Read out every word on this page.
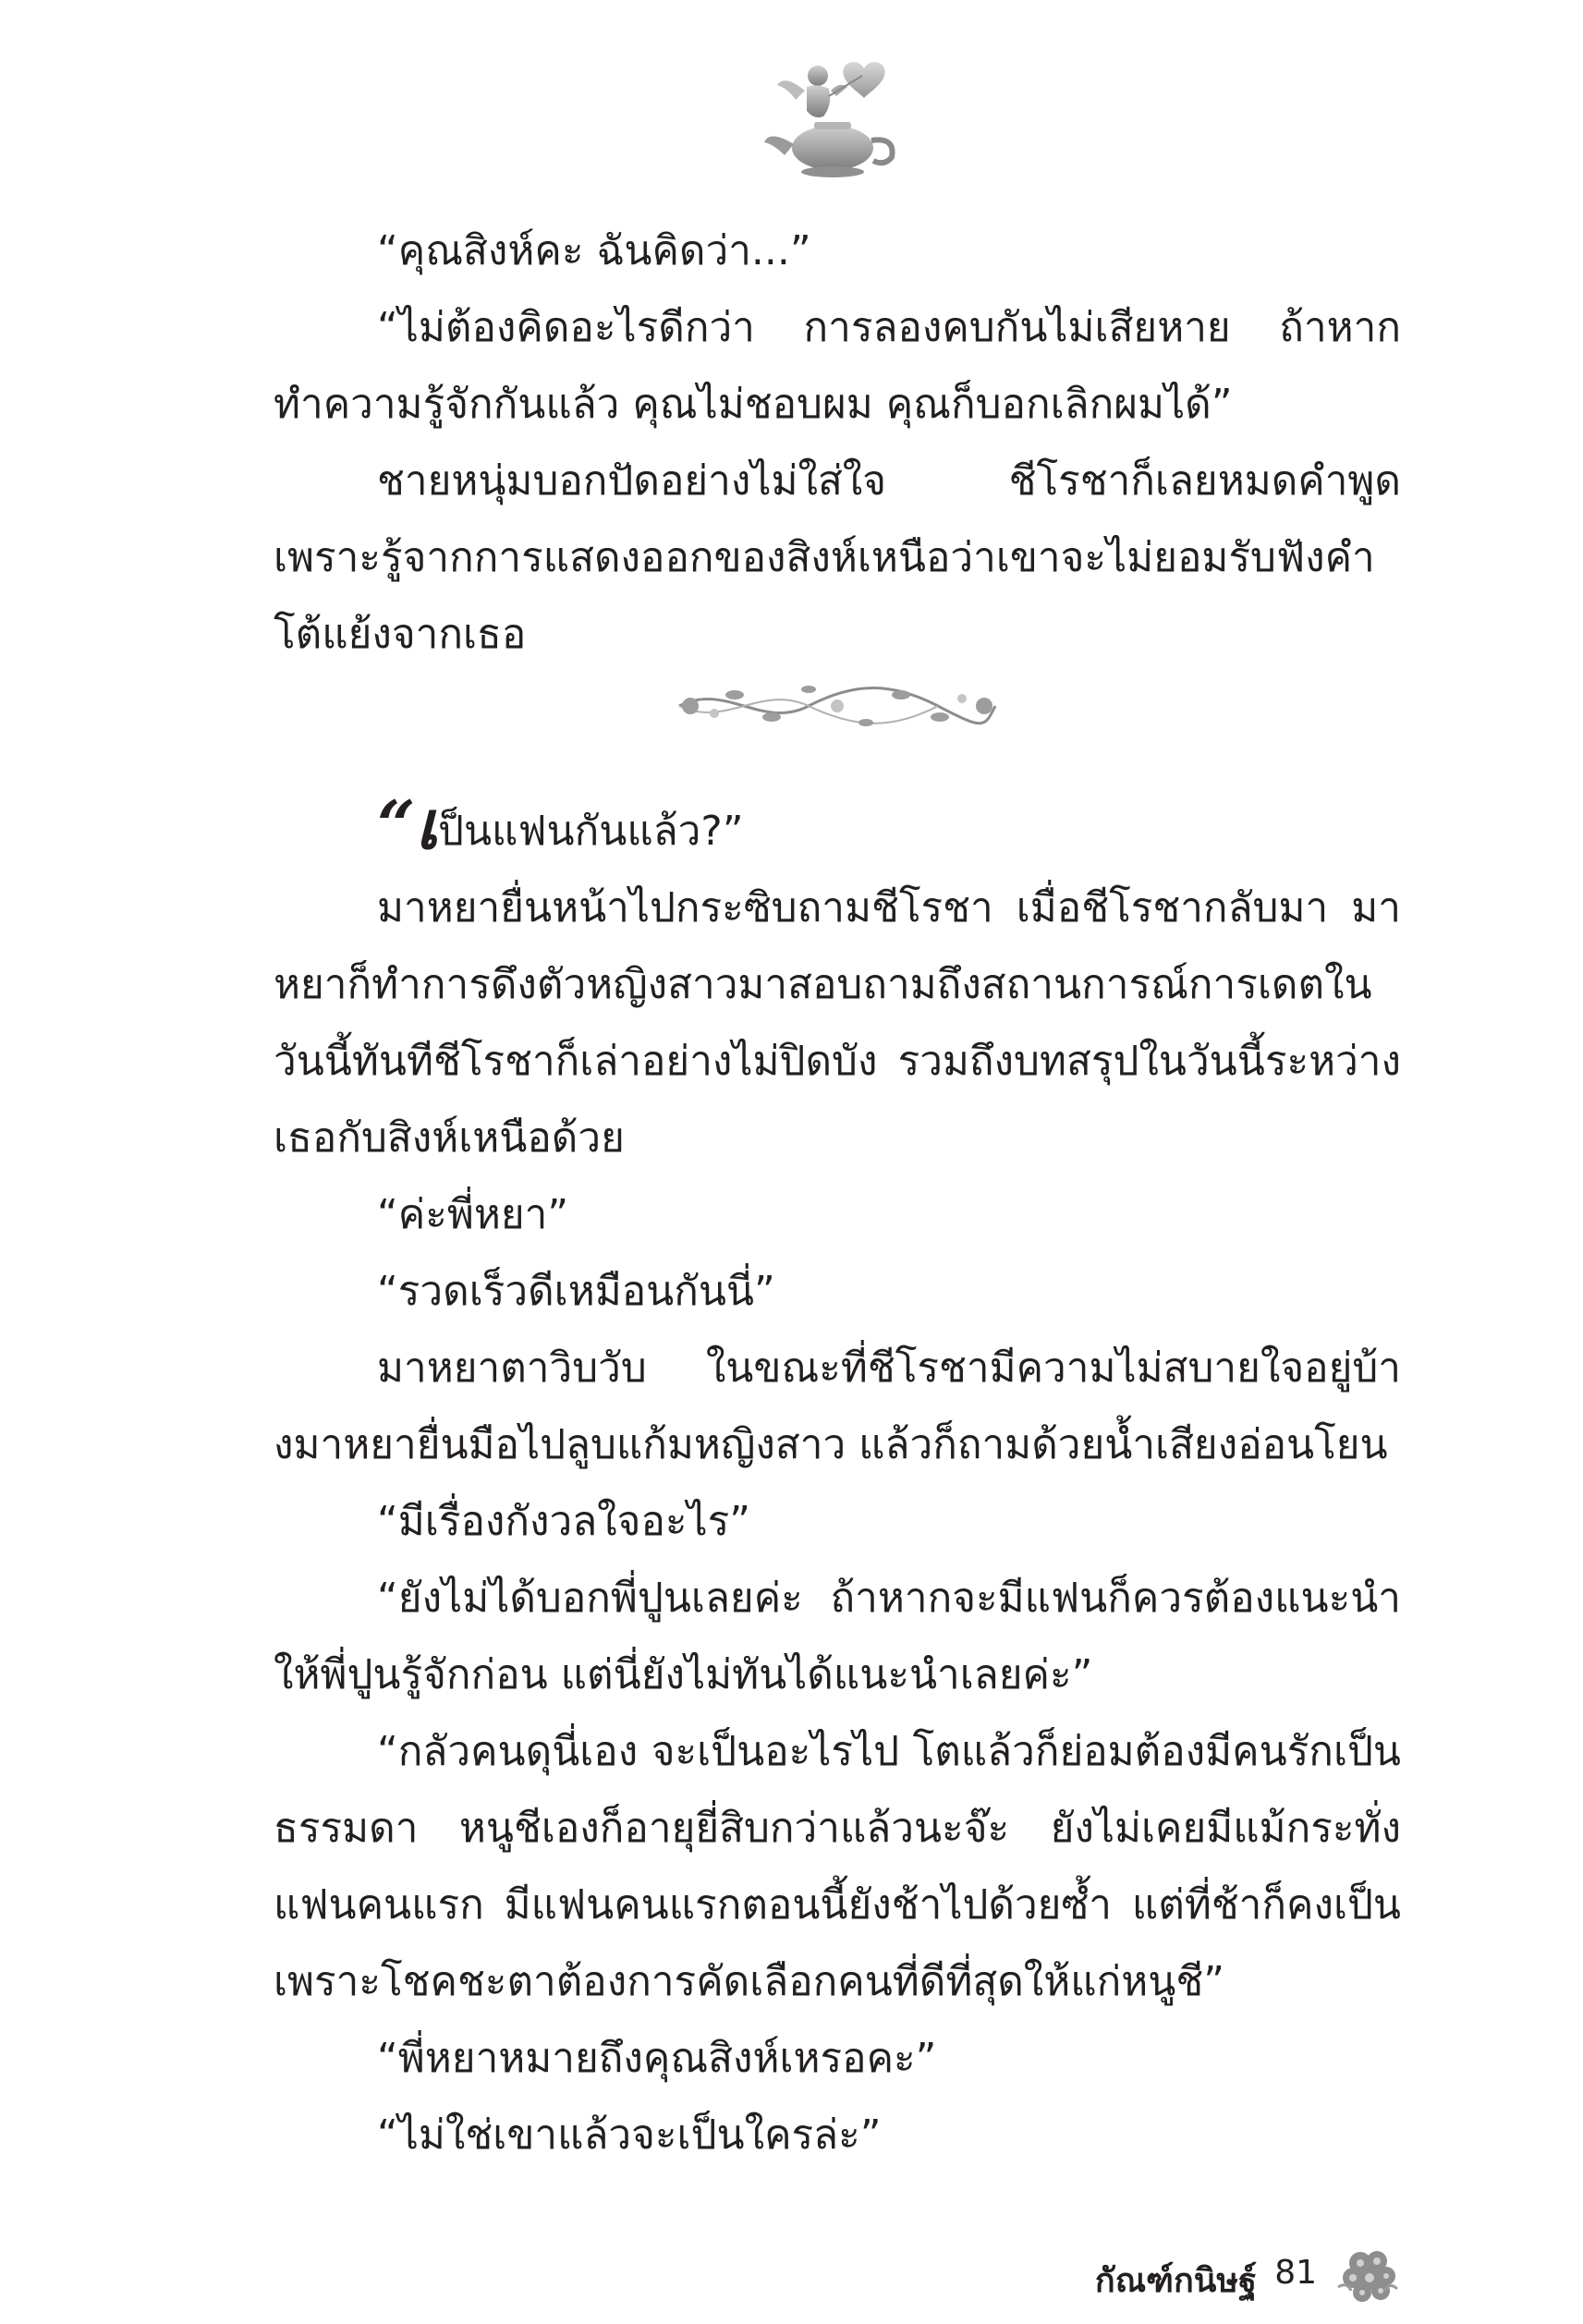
“คุณสิงห์คะ ฉันคิดว่า...”

“ไม่ต้องคิดอะไรดีกว่า การลองคบกันไม่เสียหาย ถ้าหากทำความรู้จักกันแล้ว คุณไม่ชอบผม คุณก็บอกเลิกผมได้”

ชายหนุ่มบอกปัดอย่างไม่ใส่ใจ ชีโรชาก็เลยหมดคำพูด เพราะรู้จากการแสดงออกของสิงห์เหนือว่าเขาจะไม่ยอมรับฟังคำโต้แย้งจากเธอ

“เป็นแฟนกันแล้ว?”

มาหยายื่นหน้าไปกระซิบถามชีโรชา เมื่อชีโรชากลับมา มาหยาก็ทำการดึงตัวหญิงสาวมาสอบถามถึงสถานการณ์การเดตในวันนี้ทันทีชีโรชาก็เล่าอย่างไม่ปิดบัง รวมถึงบทสรุปในวันนี้ระหว่างเธอกับสิงห์เหนือด้วย

“ค่ะพี่หยา”

“รวดเร็วดีเหมือนกันนี่”

มาหยาตาวิบวับ ในขณะที่ชีโรชามีความไม่สบายใจอยู่บ้างมาหยายื่นมือไปลูบแก้มหญิงสาว แล้วก็ถามด้วยน้ำเสียงอ่อนโยน

“มีเรื่องกังวลใจอะไร”

“ยังไม่ได้บอกพี่ปูนเลยค่ะ ถ้าหากจะมีแฟนก็ควรต้องแนะนำให้พี่ปูนรู้จักก่อน แต่นี่ยังไม่ทันได้แนะนำเลยค่ะ”

“กลัวคนดุนี่เอง จะเป็นอะไรไป โตแล้วก็ย่อมต้องมีคนรักเป็นธรรมดา หนูชีเองก็อายุยี่สิบกว่าแล้วนะจ๊ะ ยังไม่เคยมีแม้กระทั่งแฟนคนแรก มีแฟนคนแรกตอนนี้ยังช้าไปด้วยซ้ำ แต่ที่ช้าก็คงเป็นเพราะโชคชะตาต้องการคัดเลือกคนที่ดีที่สุดให้แก่หนูชี”

“พี่หยาหมายถึงคุณสิงห์เหรอคะ”

“ไม่ใช่เขาแล้วจะเป็นใครล่ะ”

กัณฑ์กนิษฐ์ 81
